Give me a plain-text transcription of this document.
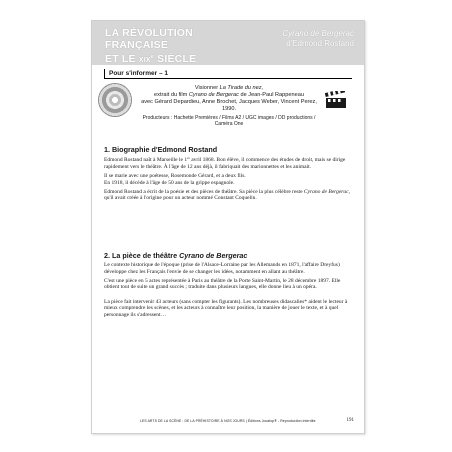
LA RÉVOLUTION FRANÇAISE
ET LE XIXe SIÈCLE
Cyrano de Bergerac
d'Edmond Rostand
Pour s'informer – 1
Visionner La Tirade du nez,
extrait du film Cyrano de Bergerac de Jean-Paul Rappeneau
avec Gérard Depardieu, Anne Brochet, Jacques Weber, Vincent Perez, 1990.
Producteurs : Hachette Premières / Films A2 / UGC images / DD productions / Caméra One
1. Biographie d'Edmond Rostand

Edmond Rostand naît à Marseille le 1er avril 1868. Bon élève, il commence des études de droit, mais se dirige rapidement vers le théâtre. À l'âge de 12 ans déjà, il fabriquait des marionnettes et les animait.

Il se marie avec une poétesse, Rosemonde Gérard, et a deux fils.

En 1918, il décède à l'âge de 50 ans de la grippe espagnole.

Edmond Rostand a écrit de la poésie et des pièces de théâtre. Sa pièce la plus célèbre reste Cyrano de Bergerac, qu'il avait créée à l'origine pour un acteur nommé Constant Coquelin.

2. La pièce de théâtre Cyrano de Bergerac

Le contexte historique de l'époque (prise de l'Alsace-Lorraine par les Allemands en 1871, l'affaire Dreyfus) développe chez les Français l'envie de se changer les idées, notamment en allant au théâtre.

C'est une pièce en 5 actes représentée à Paris au théâtre de la Porte Saint-Martin, le 28 décembre 1897. Elle obtient tout de suite un grand succès ; traduite dans plusieurs langues, elle donne lieu à un opéra.

La pièce fait intervenir 43 acteurs (sans compter les figurants). Les nombreuses didascalies* aident le lecteur à mieux comprendre les scènes, et les acteurs à connaître leur position, la manière de jouer le texte, et à quel personnage ils s'adressent…

LES ARTS DE LA SCÈNE : DE LA PRÉHISTOIRE À NOS JOURS | Éditions Jocatop® - Reproduction interdite	191
